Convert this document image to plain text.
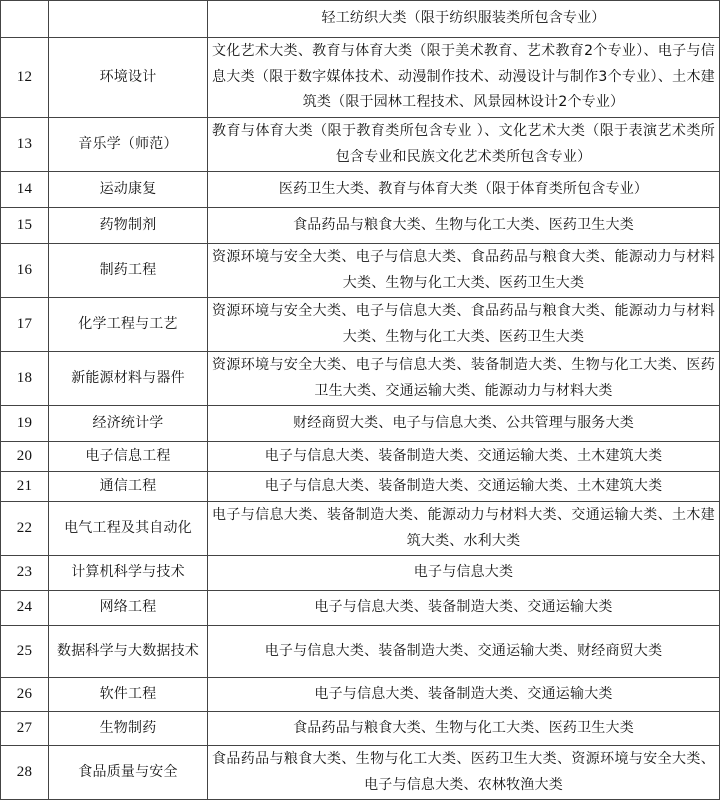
		轻工纺织大类（限于纺织服装类所包含专业）
12	环境设计	文化艺术大类、教育与体育大类（限于美术教育、艺术教育2个专业）、电子与信息大类（限于数字媒体技术、动漫制作技术、动漫设计与制作3个专业）、土木建筑类（限于园林工程技术、风景园林设计2个专业）
13	音乐学（师范）	教育与体育大类（限于教育类所包含专业 ）、文化艺术大类（限于表演艺术类所包含专业和民族文化艺术类所包含专业）
14	运动康复	医药卫生大类、教育与体育大类（限于体育类所包含专业）
15	药物制剂	食品药品与粮食大类、生物与化工大类、医药卫生大类
16	制药工程	资源环境与安全大类、电子与信息大类、食品药品与粮食大类、能源动力与材料大类、生物与化工大类、医药卫生大类
17	化学工程与工艺	资源环境与安全大类、电子与信息大类、食品药品与粮食大类、能源动力与材料大类、生物与化工大类、医药卫生大类
18	新能源材料与器件	资源环境与安全大类、电子与信息大类、装备制造大类、生物与化工大类、医药卫生大类、交通运输大类、能源动力与材料大类
19	经济统计学	财经商贸大类、电子与信息大类、公共管理与服务大类
20	电子信息工程	电子与信息大类、装备制造大类、交通运输大类、土木建筑大类
21	通信工程	电子与信息大类、装备制造大类、交通运输大类、土木建筑大类
22	电气工程及其自动化	电子与信息大类、装备制造大类、能源动力与材料大类、交通运输大类、土木建筑大类、水利大类
23	计算机科学与技术	电子与信息大类
24	网络工程	电子与信息大类、装备制造大类、交通运输大类
25	数据科学与大数据技术	电子与信息大类、装备制造大类、交通运输大类、财经商贸大类
26	软件工程	电子与信息大类、装备制造大类、交通运输大类
27	生物制药	食品药品与粮食大类、生物与化工大类、医药卫生大类
28	食品质量与安全	食品药品与粮食大类、生物与化工大类、医药卫生大类、资源环境与安全大类、电子与信息大类、农林牧渔大类
